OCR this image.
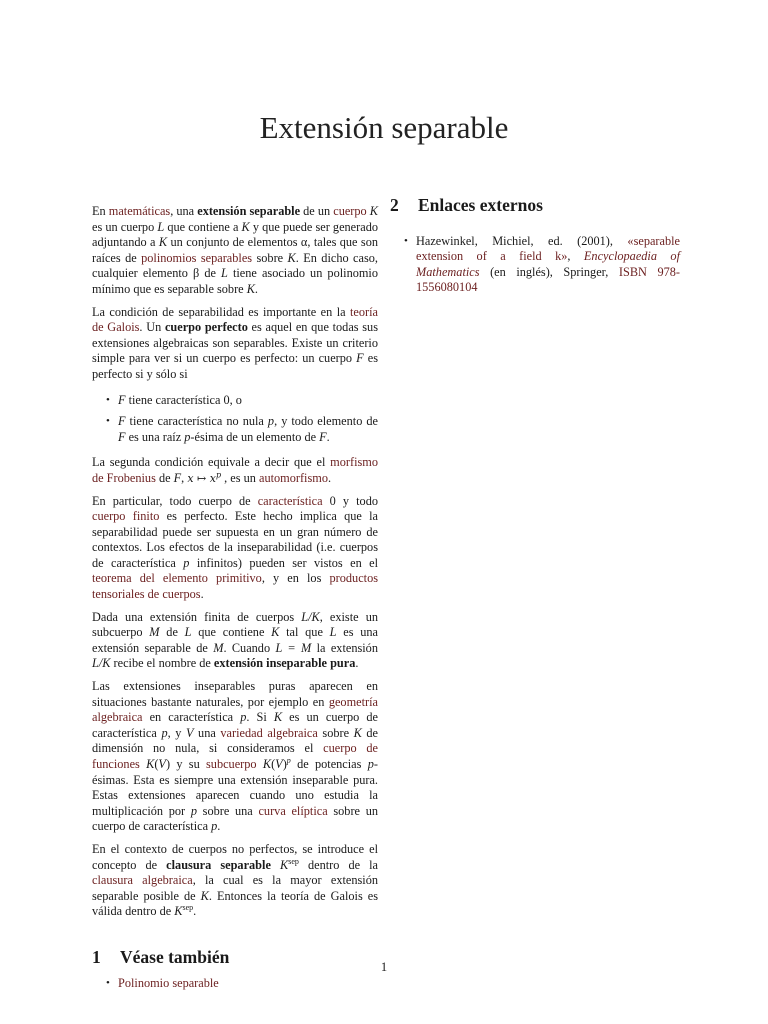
Extensión separable

En matemáticas, una extensión separable de un cuerpo K es un cuerpo L que contiene a K y que puede ser generado adjuntando a K un conjunto de elementos α, tales que son raíces de polinomios separables sobre K. En dicho caso, cualquier elemento β de L tiene asociado un polinomio mínimo que es separable sobre K.

La condición de separabilidad es importante en la teoría de Galois. Un cuerpo perfecto es aquel en que todas sus extensiones algebraicas son separables. Existe un criterio simple para ver si un cuerpo es perfecto: un cuerpo F es perfecto si y sólo si

• F tiene característica 0, o
• F tiene característica no nula p, y todo elemento de F es una raíz p-ésima de un elemento de F.

La segunda condición equivale a decir que el morfismo de Frobenius de F, x ↦ $x^p$ , es un automorfismo.

En particular, todo cuerpo de característica 0 y todo cuerpo finito es perfecto. Este hecho implica que la separabilidad puede ser supuesta en un gran número de contextos. Los efectos de la inseparabilidad (i.e. cuerpos de característica p infinitos) pueden ser vistos en el teorema del elemento primitivo, y en los productos tensoriales de cuerpos.

Dada una extensión finita de cuerpos L/K, existe un subcuerpo M de L que contiene K tal que L es una extensión separable de M. Cuando L = M la extensión L/K recibe el nombre de extensión inseparable pura.

Las extensiones inseparables puras aparecen en situaciones bastante naturales, por ejemplo en geometría algebraica en característica p. Si K es un cuerpo de característica p, y V una variedad algebraica sobre K de dimensión no nula, si consideramos el cuerpo de funciones K(V) y su subcuerpo $K(V)^p$ de potencias p-ésimas. Esta es siempre una extensión inseparable pura. Estas extensiones aparecen cuando uno estudia la multiplicación por p sobre una curva elíptica sobre un cuerpo de característica p.

En el contexto de cuerpos no perfectos, se introduce el concepto de clausura separable $K^{sep}$ dentro de la clausura algebraica, la cual es la mayor extensión separable posible de K. Entonces la teoría de Galois es válida dentro de $K^{sep}$.

1 Véase también
• Polinomio separable
2 Enlaces externos
• Hazewinkel, Michiel, ed. (2001), «separable extension of a field k», Encyclopaedia of Mathematics (en inglés), Springer, ISBN 978-1556080104
1
